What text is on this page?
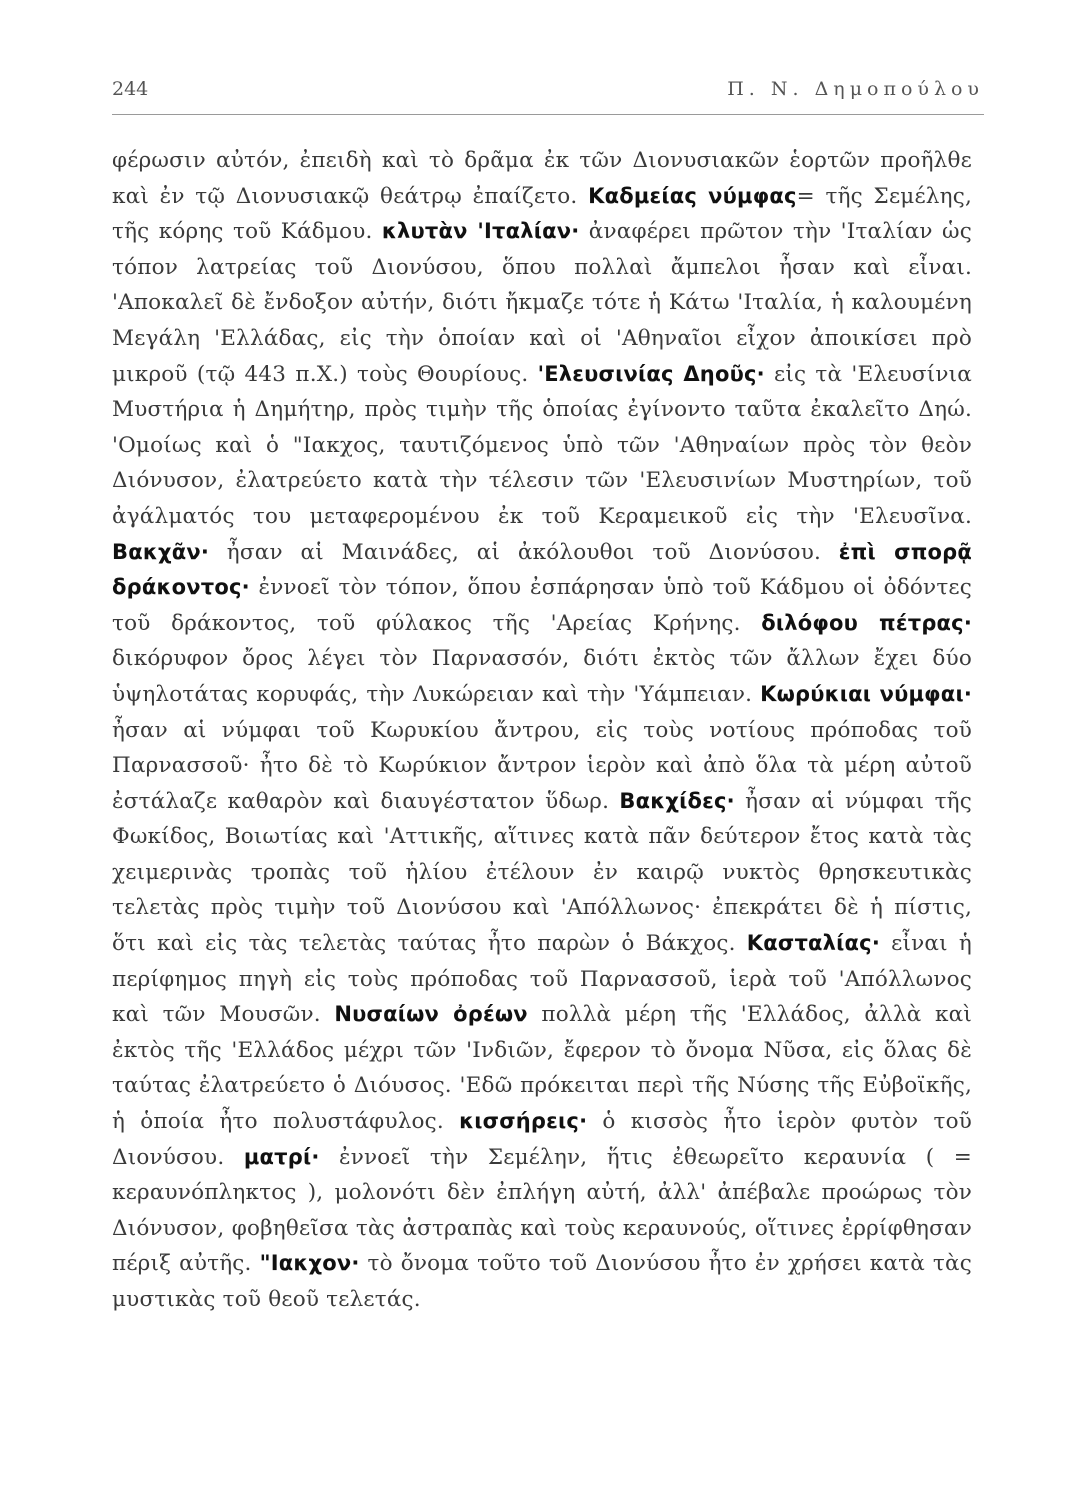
244	Π. Ν. Δημοπούλου
φέρωσιν αὐτόν, ἐπειδὴ καὶ τὸ δρᾶμα ἐκ τῶν Διονυσιακῶν ἑορτῶν προῆλθε καὶ ἐν τῷ Διονυσιακῷ θεάτρῳ ἐπαίζετο. Καδμείας νύμφας= τῆς Σεμέλης, τῆς κόρης τοῦ Κάδμου. κλυτὰν 'Ιταλίαν· ἀναφέρει πρῶτον τὴν 'Ιταλίαν ὡς τόπον λατρείας τοῦ Διονύσου, ὅπου πολλαὶ ἄμπελοι ἦσαν καὶ εἶναι. 'Αποκαλεῖ δὲ ἔνδοξον αὐτήν, διότι ἤκμαζε τότε ἡ Κάτω 'Ιταλία, ἡ καλουμένη Μεγάλη 'Ελλάδας, εἰς τὴν ὁποίαν καὶ οἱ 'Αθηναῖοι εἶχον ἀποικίσει πρὸ μικροῦ (τῷ 443 π.Χ.) τοὺς Θουρίους. 'Ελευσινίας Δηοῦς· εἰς τὰ 'Ελευσίνια Μυστήρια ἡ Δημήτηρ, πρὸς τιμὴν τῆς ὁποίας ἐγίνοντο ταῦτα ἐκαλεῖτο Δηώ. 'Ομοίως καὶ ὁ "Ιακχος, ταυτιζόμενος ὑπὸ τῶν 'Αθηναίων πρὸς τὸν θεὸν Διόνυσον, ἐλατρεύετο κατὰ τὴν τέλεσιν τῶν 'Ελευσινίων Μυστηρίων, τοῦ ἀγάλματός του μεταφερομένου ἐκ τοῦ Κεραμεικοῦ εἰς τὴν 'Ελευσῖνα. Βακχᾶν· ἦσαν αἱ Μαινάδες, αἱ ἀκόλουθοι τοῦ Διονύσου. ἐπὶ σπορᾷ δράκοντος· ἐννοεῖ τὸν τόπον, ὅπου ἐσπάρησαν ὑπὸ τοῦ Κάδμου οἱ ὀδόντες τοῦ δράκοντος, τοῦ φύλακος τῆς 'Αρείας Κρήνης. διλόφου πέτρας· δικόρυφον ὄρος λέγει τὸν Παρνασσόν, διότι ἐκτὸς τῶν ἄλλων ἔχει δύο ὑψηλοτάτας κορυφάς, τὴν Λυκώρειαν καὶ τὴν 'Υάμπειαν. Κωρύκιαι νύμφαι· ἦσαν αἱ νύμφαι τοῦ Κωρυκίου ἄντρου, εἰς τοὺς νοτίους πρόποδας τοῦ Παρνασσοῦ· ἦτο δὲ τὸ Κωρύκιον ἄντρον ἱερὸν καὶ ἀπὸ ὅλα τὰ μέρη αὐτοῦ ἐστάλαζε καθαρὸν καὶ διαυγέστατον ὕδωρ. Βακχίδες· ἦσαν αἱ νύμφαι τῆς Φωκίδος, Βοιωτίας καὶ 'Αττικῆς, αἵτινες κατὰ πᾶν δεύτερον ἔτος κατὰ τὰς χειμερινὰς τροπὰς τοῦ ἡλίου ἐτέλουν ἐν καιρῷ νυκτὸς θρησκευτικὰς τελετὰς πρὸς τιμὴν τοῦ Διονύσου καὶ 'Απόλλωνος· ἐπεκράτει δὲ ἡ πίστις, ὅτι καὶ εἰς τὰς τελετὰς ταύτας ἦτο παρὼν ὁ Βάκχος. Κασταλίας· εἶναι ἡ περίφημος πηγὴ εἰς τοὺς πρόποδας τοῦ Παρνασσοῦ, ἱερὰ τοῦ 'Απόλλωνος καὶ τῶν Μουσῶν. Νυσαίων ὀρέων πολλὰ μέρη τῆς 'Ελλάδος, ἀλλὰ καὶ ἐκτὸς τῆς 'Ελλάδος μέχρι τῶν 'Ινδιῶν, ἔφερον τὸ ὄνομα Νῦσα, εἰς ὅλας δὲ ταύτας ἐλατρεύετο ὁ Διόυσος. 'Εδῶ πρόκειται περὶ τῆς Νύσης τῆς Εὐβοϊκῆς, ἡ ὁποία ἦτο πολυστάφυλος. κισσήρεις· ὁ κισσὸς ἦτο ἱερὸν φυτὸν τοῦ Διονύσου. ματρί· ἐννοεῖ τὴν Σεμέλην, ἥτις ἐθεωρεῖτο κεραυνία ( = κεραυνόπληκτος ), μολονότι δὲν ἐπλήγη αὐτή, ἀλλ' ἀπέβαλε προώρως τὸν Διόνυσον, φοβηθεῖσα τὰς ἀστραπὰς καὶ τοὺς κεραυνούς, οἵτινες ἐρρίφθησαν πέριξ αὐτῆς. "Ιακχον· τὸ ὄνομα τοῦτο τοῦ Διονύσου ἦτο ἐν χρήσει κατὰ τὰς μυστικὰς τοῦ θεοῦ τελετάς.
